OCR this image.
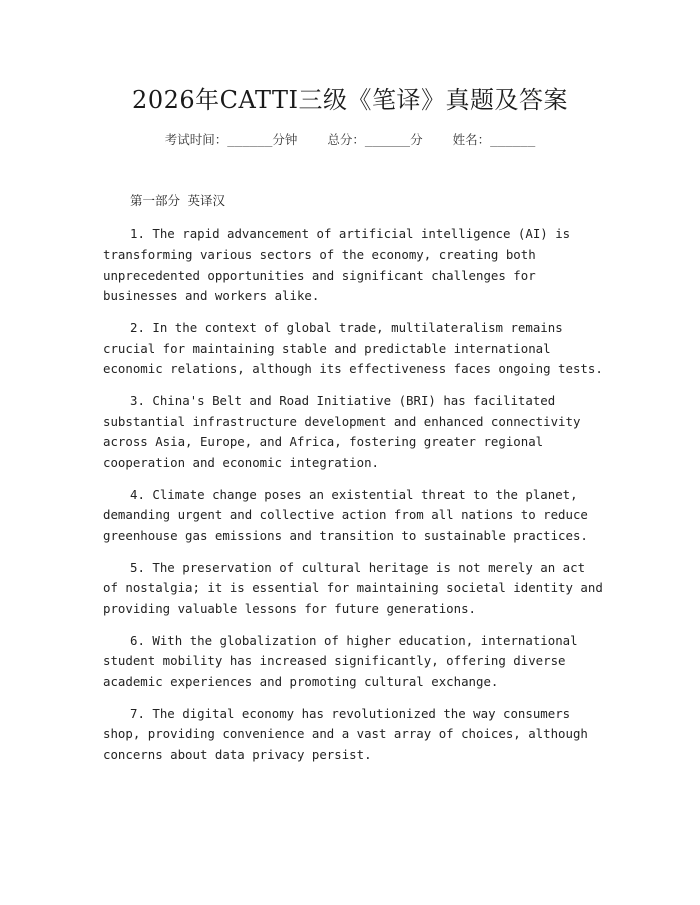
2026年CATTI三级《笔译》真题及答案
考试时间：______分钟 总分：______分 姓名：______
第一部分 英译汉

1. The rapid advancement of artificial intelligence (AI) is transforming various sectors of the economy, creating both unprecedented opportunities and significant challenges for businesses and workers alike.

2. In the context of global trade, multilateralism remains crucial for maintaining stable and predictable international economic relations, although its effectiveness faces ongoing tests.

3. China's Belt and Road Initiative (BRI) has facilitated substantial infrastructure development and enhanced connectivity across Asia, Europe, and Africa, fostering greater regional cooperation and economic integration.

4. Climate change poses an existential threat to the planet, demanding urgent and collective action from all nations to reduce greenhouse gas emissions and transition to sustainable practices.

5. The preservation of cultural heritage is not merely an act of nostalgia; it is essential for maintaining societal identity and providing valuable lessons for future generations.

6. With the globalization of higher education, international student mobility has increased significantly, offering diverse academic experiences and promoting cultural exchange.

7. The digital economy has revolutionized the way consumers shop, providing convenience and a vast array of choices, although concerns about data privacy persist.
